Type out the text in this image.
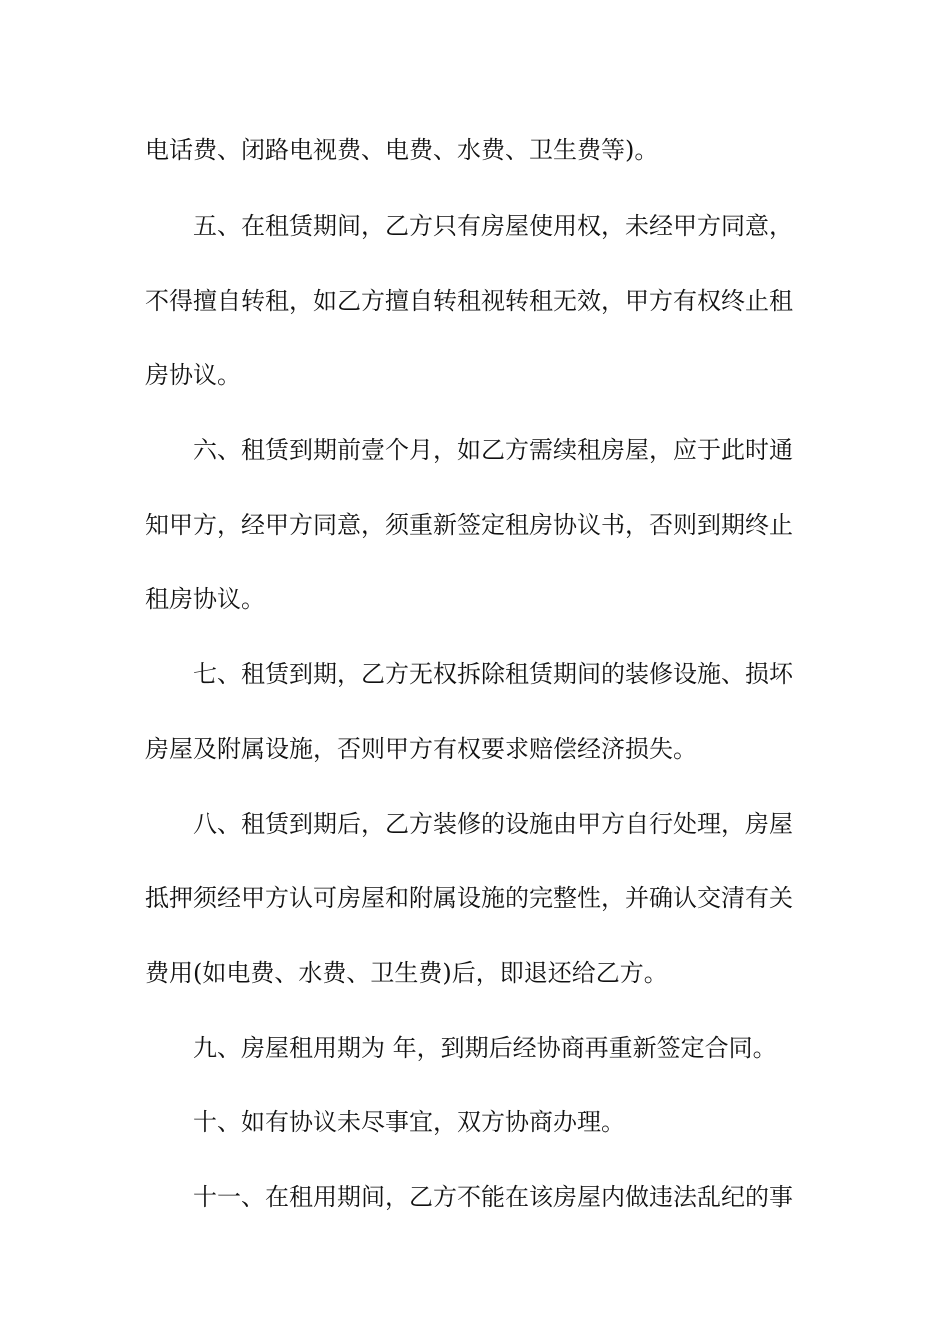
电话费、闭路电视费、电费、水费、卫生费等)。
五、在租赁期间，乙方只有房屋使用权，未经甲方同意，
不得擅自转租，如乙方擅自转租视转租无效，甲方有权终止租
房协议。
六、租赁到期前壹个月，如乙方需续租房屋，应于此时通
知甲方，经甲方同意，须重新签定租房协议书，否则到期终止
租房协议。
七、租赁到期，乙方无权拆除租赁期间的装修设施、损坏
房屋及附属设施，否则甲方有权要求赔偿经济损失。
八、租赁到期后，乙方装修的设施由甲方自行处理，房屋
抵押须经甲方认可房屋和附属设施的完整性，并确认交清有关
费用(如电费、水费、卫生费)后，即退还给乙方。
九、房屋租用期为 年，到期后经协商再重新签定合同。
十、如有协议未尽事宜，双方协商办理。
十一、在租用期间，乙方不能在该房屋内做违法乱纪的事
